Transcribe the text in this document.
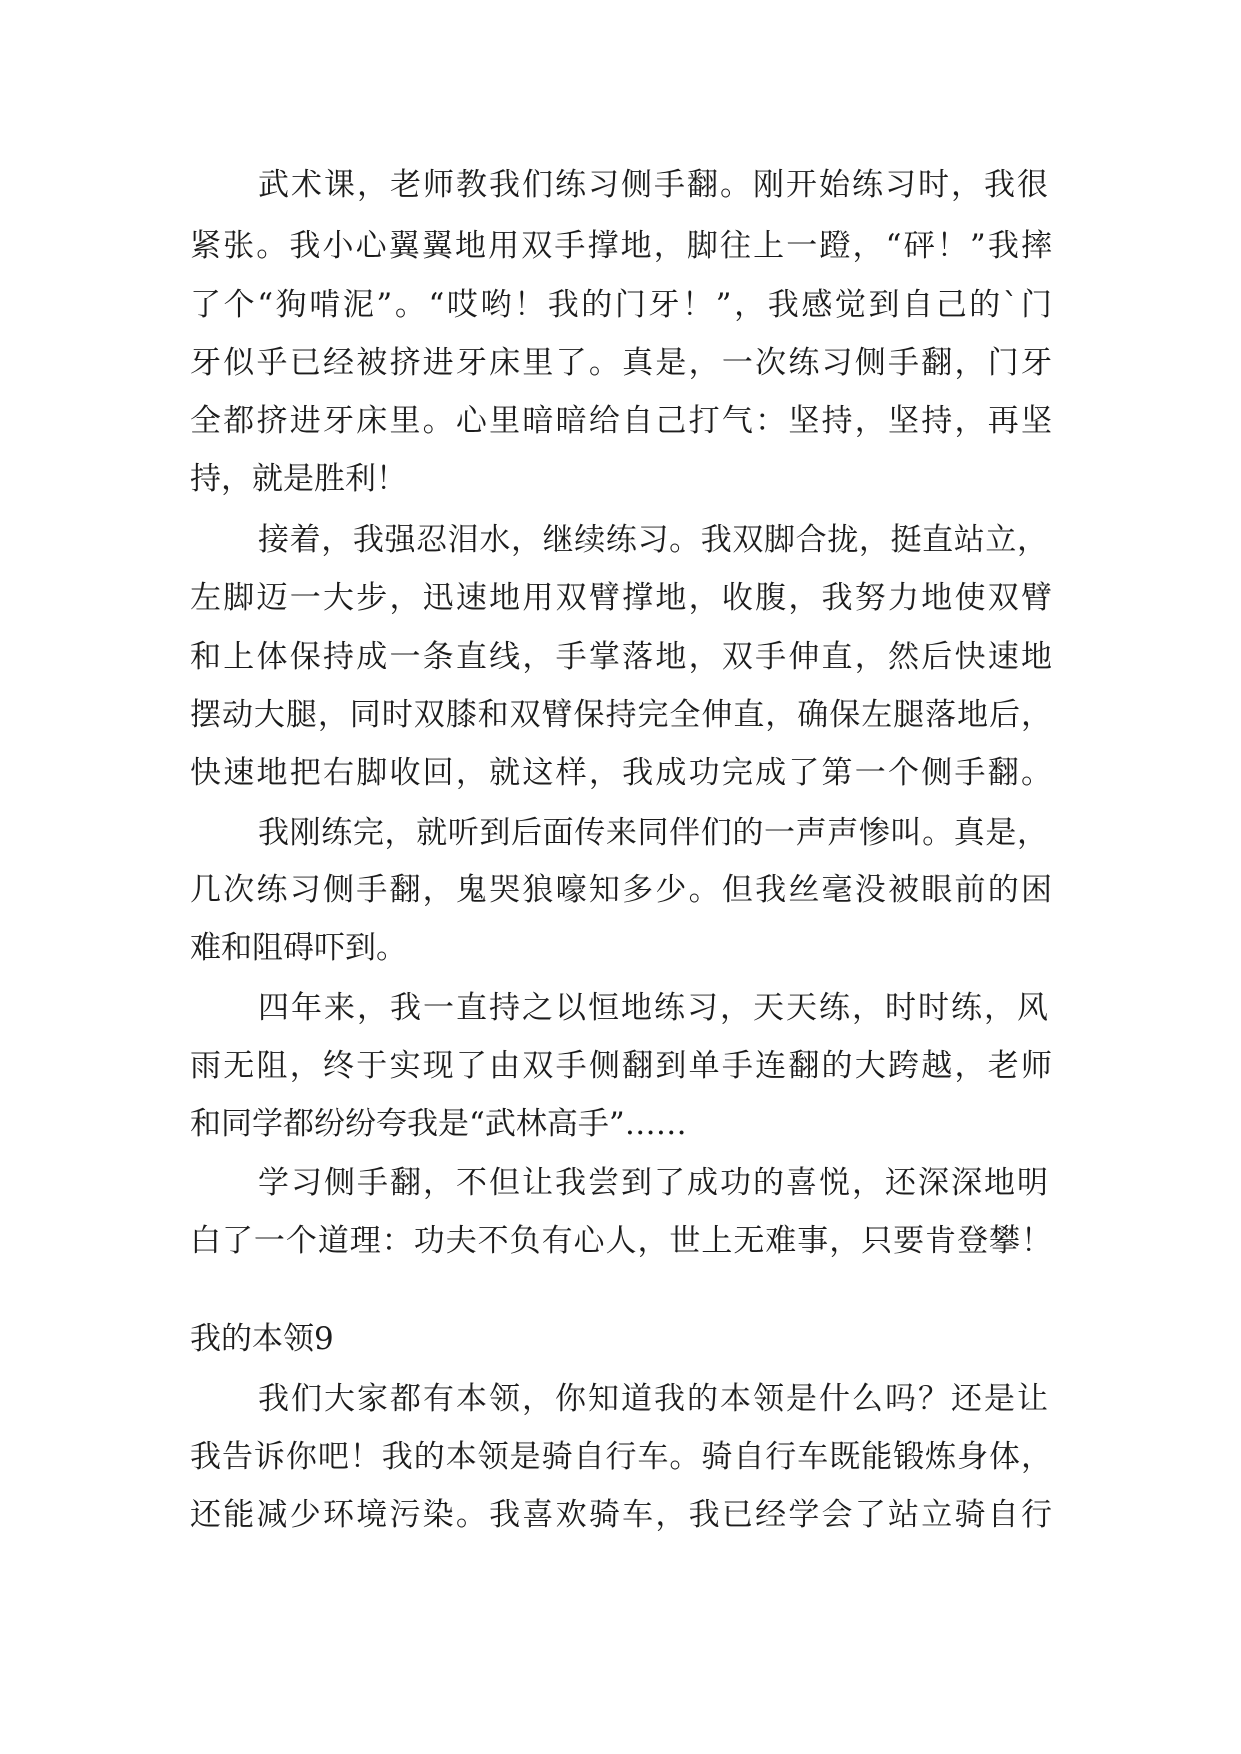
武术课，老师教我们练习侧手翻。刚开始练习时，我很
紧张。我小心翼翼地用双手撑地，脚往上一蹬，“砰！”我摔
了个“狗啃泥”。“哎哟！我的门牙！”，我感觉到自己的`门
牙似乎已经被挤进牙床里了。真是，一次练习侧手翻，门牙
全都挤进牙床里。心里暗暗给自己打气：坚持，坚持，再坚
持，就是胜利！
接着，我强忍泪水，继续练习。我双脚合拢，挺直站立，
左脚迈一大步，迅速地用双臂撑地，收腹，我努力地使双臂
和上体保持成一条直线，手掌落地，双手伸直，然后快速地
摆动大腿，同时双膝和双臂保持完全伸直，确保左腿落地后，
快速地把右脚收回，就这样，我成功完成了第一个侧手翻。
我刚练完，就听到后面传来同伴们的一声声惨叫。真是，
几次练习侧手翻，鬼哭狼嚎知多少。但我丝毫没被眼前的困
难和阻碍吓到。
四年来，我一直持之以恒地练习，天天练，时时练，风
雨无阻，终于实现了由双手侧翻到单手连翻的大跨越，老师
和同学都纷纷夸我是“武林高手”……
学习侧手翻，不但让我尝到了成功的喜悦，还深深地明
白了一个道理：功夫不负有心人，世上无难事，只要肯登攀！
我的本领9
我们大家都有本领，你知道我的本领是什么吗？还是让
我告诉你吧！我的本领是骑自行车。骑自行车既能锻炼身体，
还能减少环境污染。我喜欢骑车，我已经学会了站立骑自行
